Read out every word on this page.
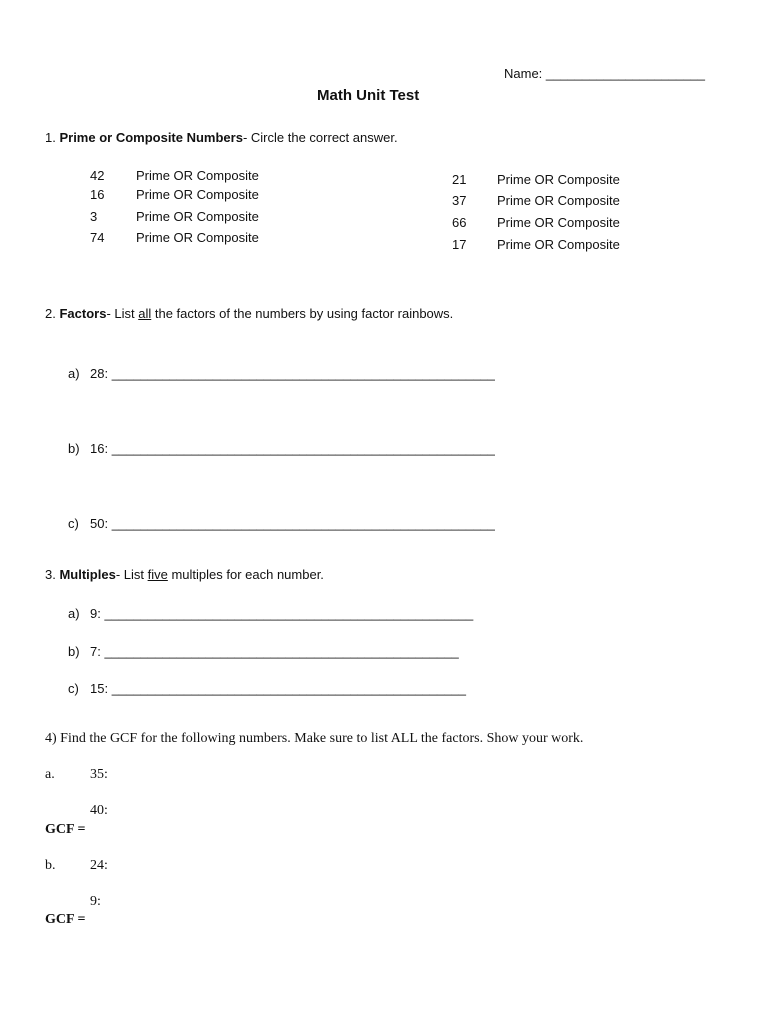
Name: ______________________
Math Unit Test
1. Prime or Composite Numbers- Circle the correct answer.
42 Prime OR Composite
16 Prime OR Composite
3	Prime OR Composite
74 Prime OR Composite
21 Prime OR Composite
37 Prime OR Composite
66 Prime OR Composite
17 Prime OR Composite
2. Factors- List all the factors of the numbers by using factor rainbows.
a) 28: _____________________________________________________
b) 16: _____________________________________________________
c) 50: _____________________________________________________
3. Multiples- List five multiples for each number.
a) 9: ___________________________________________________
b) 7: _________________________________________________
c) 15: _________________________________________________
4) Find the GCF for the following numbers. Make sure to list ALL the factors. Show your work.
a.	35:
40:
GCF =
b. 24:
9:
GCF =
